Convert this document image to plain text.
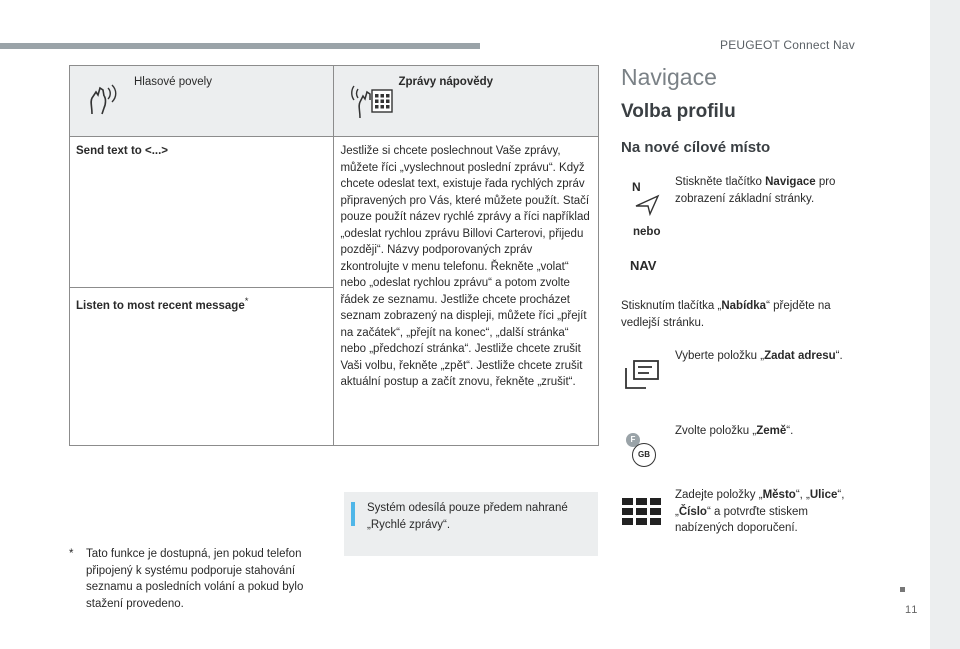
PEUGEOT Connect Nav
11
Hlasové povely	Zprávy nápovědy

Send text to <...>	Jestliže si chcete poslechnout Vaše zprávy, můžete říci „vyslechnout poslední zprávu“. Když chcete odeslat text, existuje řada rychlých zpráv připravených pro Vás, které můžete použít. Stačí pouze použít název rychlé zprávy a říci například „odeslat rychlou zprávu Billovi Carterovi, přijedu později“. Názvy podporovaných zpráv zkontrolujte v menu telefonu. Řekněte „volat“ nebo „odeslat rychlou zprávu“ a potom zvolte řádek ze seznamu. Jestliže chcete procházet seznam zobrazený na displeji, můžete říci „přejít na začátek“, „přejít na konec“, „další stránka“ nebo „předchozí stránka“. Jestliže chcete zrušit Vaši volbu, řekněte „zpět“. Jestliže chcete zrušit aktuální postup a začít znovu, řekněte „zrušit“.
Listen to most recent message*
Systém odesílá pouze předem nahrané „Rychlé zprávy“.
* Tato funkce je dostupná, jen pokud telefon připojený k systému podporuje stahování seznamu a posledních volání a pokud bylo stažení provedeno.
Navigace
Volba profilu
Na nové cílové místo
N
nebo
NAV
Stiskněte tlačítko Navigace pro zobrazení základní stránky.
Stisknutím tlačítka „Nabídka“ přejděte na vedlejší stránku.
Vyberte položku „Zadat adresu“.
F
GB
Zvolte položku „Země“.
Zadejte položky „Město“, „Ulice“, „Číslo“ a potvrďte stiskem nabízených doporučení.
